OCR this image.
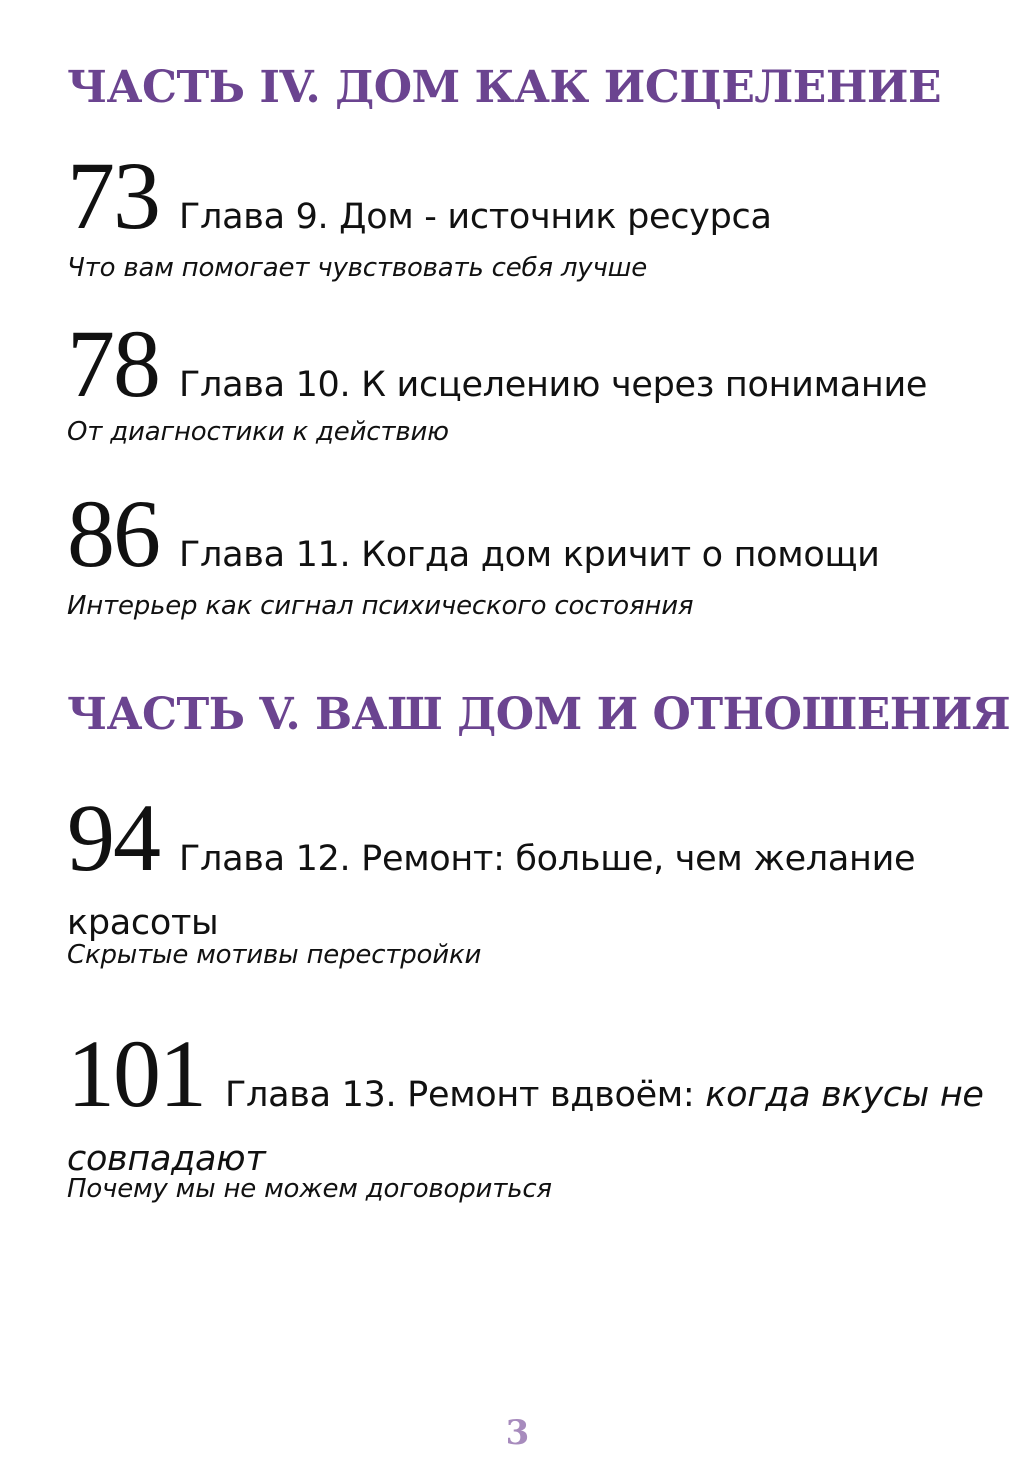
ЧАСТЬ IV. ДОМ КАК ИСЦЕЛЕНИЕ

73 Глава 9. Дом - источник ресурса

Что вам помогает чувствовать себя лучше

78 Глава 10. К исцелению через понимание

От диагностики к действию

86 Глава 11. Когда дом кричит о помощи

Интерьер как сигнал психического состояния

ЧАСТЬ V. ВАШ ДОМ И ОТНОШЕНИЯ

94 Глава 12. Ремонт: больше, чем желание красоты

Скрытые мотивы перестройки

101 Глава 13. Ремонт вдвоём: когда вкусы не совпадают

Почему мы не можем договориться

3
